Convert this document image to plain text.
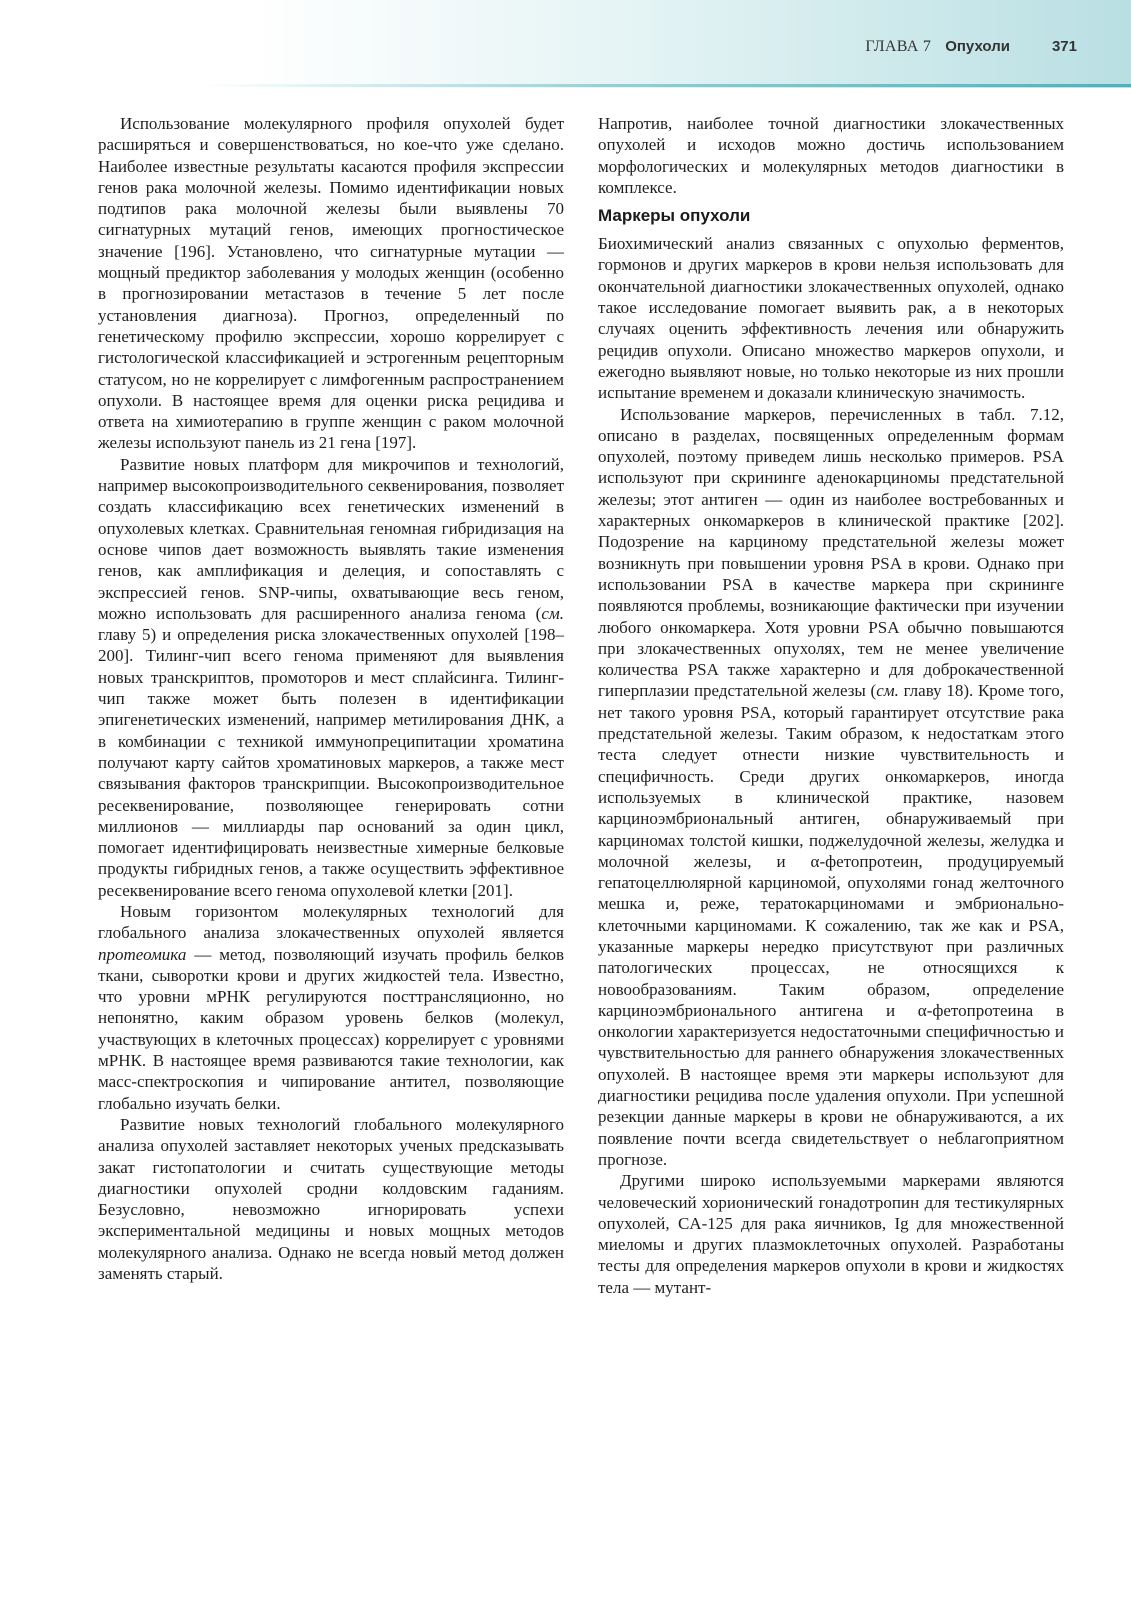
ГЛАВА 7 Опухоли	371

Использование молекулярного профиля опухолей будет расширяться и совершенствоваться, но кое-что уже сделано. Наиболее известные результаты касаются профиля экспрессии генов рака молочной железы. Помимо идентификации новых подтипов рака молочной железы были выявлены 70 сигнатурных мутаций генов, имеющих прогностическое значение [196]. Установлено, что сигнатурные мутации — мощный предиктор заболевания у молодых женщин (особенно в прогнозировании метастазов в течение 5 лет после установления диагноза). Прогноз, определенный по генетическому профилю экспрессии, хорошо коррелирует с гистологической классификацией и эстрогенным рецепторным статусом, но не коррелирует с лимфогенным распространением опухоли. В настоящее время для оценки риска рецидива и ответа на химиотерапию в группе женщин с раком молочной железы используют панель из 21 гена [197].

Развитие новых платформ для микрочипов и технологий, например высокопроизводительного секвенирования, позволяет создать классификацию всех генетических изменений в опухолевых клетках. Сравнительная геномная гибридизация на основе чипов дает возможность выявлять такие изменения генов, как амплификация и делеция, и сопоставлять с экспрессией генов. SNP-чипы, охватывающие весь геном, можно использовать для расширенного анализа генома (см. главу 5) и определения риска злокачественных опухолей [198–200]. Тилинг-чип всего генома применяют для выявления новых транскриптов, промоторов и мест сплайсинга. Тилинг-чип также может быть полезен в идентификации эпигенетических изменений, например метилирования ДНК, а в комбинации с техникой иммунопреципитации хроматина получают карту сайтов хроматиновых маркеров, а также мест связывания факторов транскрипции. Высокопроизводительное ресеквенирование, позволяющее генерировать сотни миллионов — миллиарды пар оснований за один цикл, помогает идентифицировать неизвестные химерные белковые продукты гибридных генов, а также осуществить эффективное ресеквенирование всего генома опухолевой клетки [201].

Новым горизонтом молекулярных технологий для глобального анализа злокачественных опухолей является протеомика — метод, позволяющий изучать профиль белков ткани, сыворотки крови и других жидкостей тела. Известно, что уровни мРНК регулируются посттрансляционно, но непонятно, каким образом уровень белков (молекул, участвующих в клеточных процессах) коррелирует с уровнями мРНК. В настоящее время развиваются такие технологии, как масс-спектроскопия и чипирование антител, позволяющие глобально изучать белки.

Развитие новых технологий глобального молекулярного анализа опухолей заставляет некоторых ученых предсказывать закат гистопатологии и считать существующие методы диагностики опухолей сродни колдовским гаданиям. Безусловно, невозможно игнорировать успехи экспериментальной медицины и новых мощных методов молекулярного анализа. Однако не всегда новый метод должен заменять старый.

Напротив, наиболее точной диагностики злокачественных опухолей и исходов можно достичь использованием морфологических и молекулярных методов диагностики в комплексе.

Маркеры опухоли

Биохимический анализ связанных с опухолью ферментов, гормонов и других маркеров в крови нельзя использовать для окончательной диагностики злокачественных опухолей, однако такое исследование помогает выявить рак, а в некоторых случаях оценить эффективность лечения или обнаружить рецидив опухоли. Описано множество маркеров опухоли, и ежегодно выявляют новые, но только некоторые из них прошли испытание временем и доказали клиническую значимость.

Использование маркеров, перечисленных в табл. 7.12, описано в разделах, посвященных определенным формам опухолей, поэтому приведем лишь несколько примеров. PSA используют при скрининге аденокарциномы предстательной железы; этот антиген — один из наиболее востребованных и характерных онкомаркеров в клинической практике [202]. Подозрение на карциному предстательной железы может возникнуть при повышении уровня PSA в крови. Однако при использовании PSA в качестве маркера при скрининге появляются проблемы, возникающие фактически при изучении любого онкомаркера. Хотя уровни PSA обычно повышаются при злокачественных опухолях, тем не менее увеличение количества PSA также характерно и для доброкачественной гиперплазии предстательной железы (см. главу 18). Кроме того, нет такого уровня PSA, который гарантирует отсутствие рака предстательной железы. Таким образом, к недостаткам этого теста следует отнести низкие чувствительность и специфичность. Среди других онкомаркеров, иногда используемых в клинической практике, назовем карциноэмбриональный антиген, обнаруживаемый при карциномах толстой кишки, поджелудочной железы, желудка и молочной железы, и α-фетопротеин, продуцируемый гепатоцеллюлярной карциномой, опухолями гонад желточного мешка и, реже, тератокарциномами и эмбрионально-клеточными карциномами. К сожалению, так же как и PSA, указанные маркеры нередко присутствуют при различных патологических процессах, не относящихся к новообразованиям. Таким образом, определение карциноэмбрионального антигена и α-фетопротеина в онкологии характеризуется недостаточными специфичностью и чувствительностью для раннего обнаружения злокачественных опухолей. В настоящее время эти маркеры используют для диагностики рецидива после удаления опухоли. При успешной резекции данные маркеры в крови не обнаруживаются, а их появление почти всегда свидетельствует о неблагоприятном прогнозе.

Другими широко используемыми маркерами являются человеческий хорионический гонадотропин для тестикулярных опухолей, CA-125 для рака яичников, Ig для множественной миеломы и других плазмоклеточных опухолей. Разработаны тесты для определения маркеров опухоли в крови и жидкостях тела — мутант-
